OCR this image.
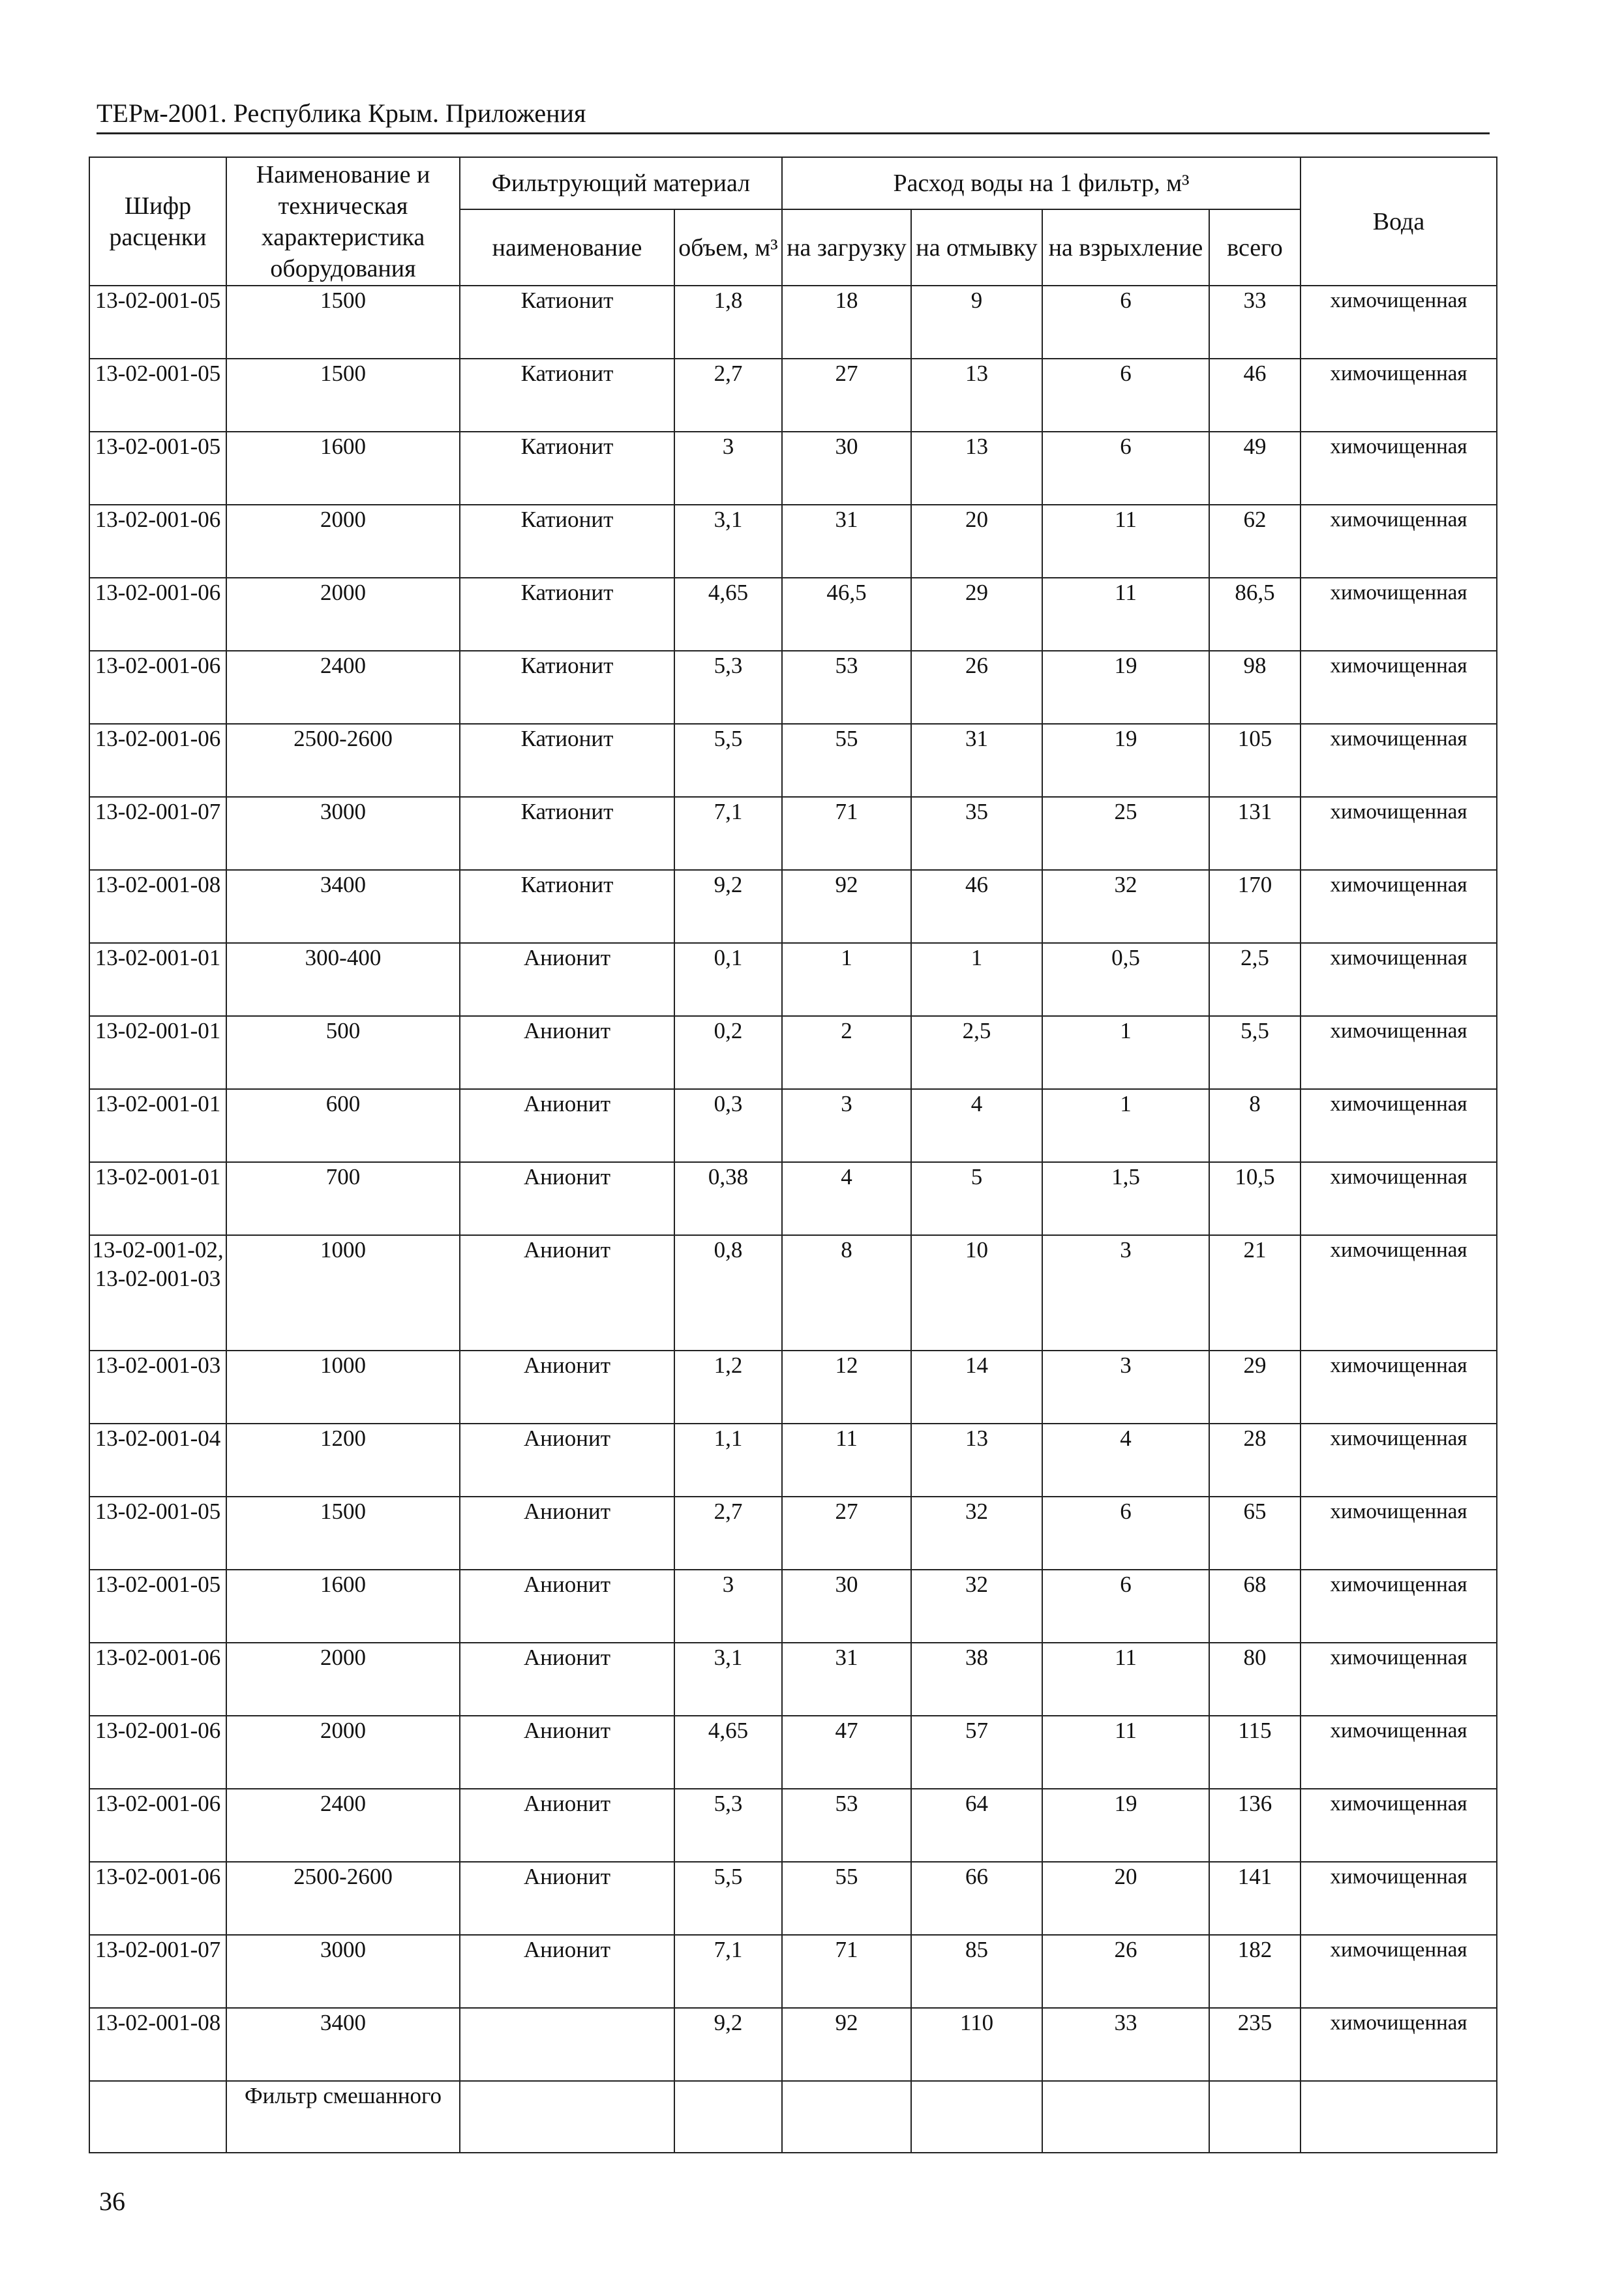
ТЕРм-2001. Республика Крым. Приложения
Шифр расценки	Наименование и техническая характеристика оборудования	Фильтрующий материал		Расход воды на 1 фильтр, м³				Вода
		наименование	объем, м³	на загрузку	на отмывку	на взрыхление	всего	
13-02-001-05	1500	Катионит	1,8	18	9	6	33	химочищенная
13-02-001-05	1500	Катионит	2,7	27	13	6	46	химочищенная
13-02-001-05	1600	Катионит	3	30	13	6	49	химочищенная
13-02-001-06	2000	Катионит	3,1	31	20	11	62	химочищенная
13-02-001-06	2000	Катионит	4,65	46,5	29	11	86,5	химочищенная
13-02-001-06	2400	Катионит	5,3	53	26	19	98	химочищенная
13-02-001-06	2500-2600	Катионит	5,5	55	31	19	105	химочищенная
13-02-001-07	3000	Катионит	7,1	71	35	25	131	химочищенная
13-02-001-08	3400	Катионит	9,2	92	46	32	170	химочищенная
13-02-001-01	300-400	Анионит	0,1	1	1	0,5	2,5	химочищенная
13-02-001-01	500	Анионит	0,2	2	2,5	1	5,5	химочищенная
13-02-001-01	600	Анионит	0,3	3	4	1	8	химочищенная
13-02-001-01	700	Анионит	0,38	4	5	1,5	10,5	химочищенная
13-02-001-02, 13-02-001-03	1000	Анионит	0,8	8	10	3	21	химочищенная
13-02-001-03	1000	Анионит	1,2	12	14	3	29	химочищенная
13-02-001-04	1200	Анионит	1,1	11	13	4	28	химочищенная
13-02-001-05	1500	Анионит	2,7	27	32	6	65	химочищенная
13-02-001-05	1600	Анионит	3	30	32	6	68	химочищенная
13-02-001-06	2000	Анионит	3,1	31	38	11	80	химочищенная
13-02-001-06	2000	Анионит	4,65	47	57	11	115	химочищенная
13-02-001-06	2400	Анионит	5,3	53	64	19	136	химочищенная
13-02-001-06	2500-2600	Анионит	5,5	55	66	20	141	химочищенная
13-02-001-07	3000	Анионит	7,1	71	85	26	182	химочищенная
13-02-001-08	3400		9,2	92	110	33	235	химочищенная
	Фильтр смешанного							
36
